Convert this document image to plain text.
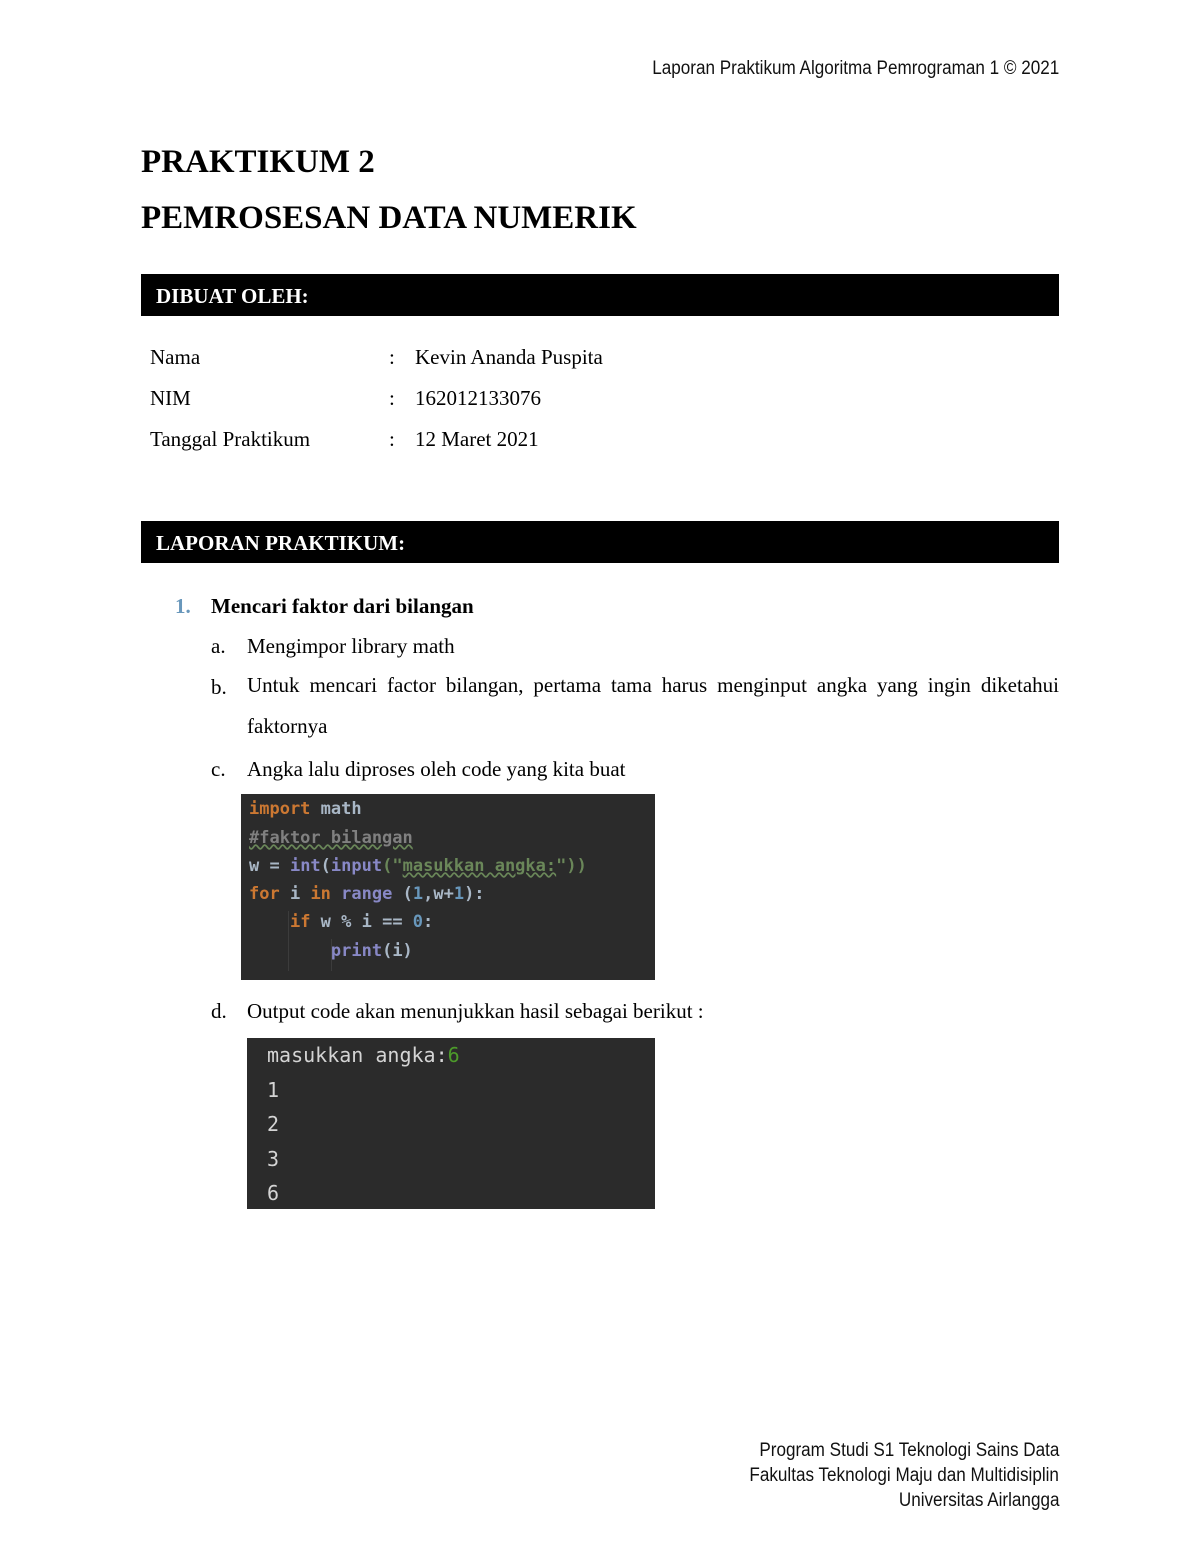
Laporan Praktikum Algoritma Pemrograman 1 © 2021
PRAKTIKUM 2
PEMROSESAN DATA NUMERIK
DIBUAT OLEH:
Nama	: Kevin Ananda Puspita
NIM	: 162012133076
Tanggal Praktikum	: 12 Maret 2021
LAPORAN PRAKTIKUM:
1. Mencari faktor dari bilangan
a. Mengimpor library math
b. Untuk mencari factor bilangan, pertama tama harus menginput angka yang ingin diketahui faktornya
c. Angka lalu diproses oleh code yang kita buat
import math
#faktor bilangan
w = int(input("masukkan angka:"))
for i in range (1,w+1):
if w % i == 0:
print(i)
d. Output code akan menunjukkan hasil sebagai berikut :
masukkan angka:6
1
2
3
6
Program Studi S1 Teknologi Sains Data
Fakultas Teknologi Maju dan Multidisiplin
Universitas Airlangga
